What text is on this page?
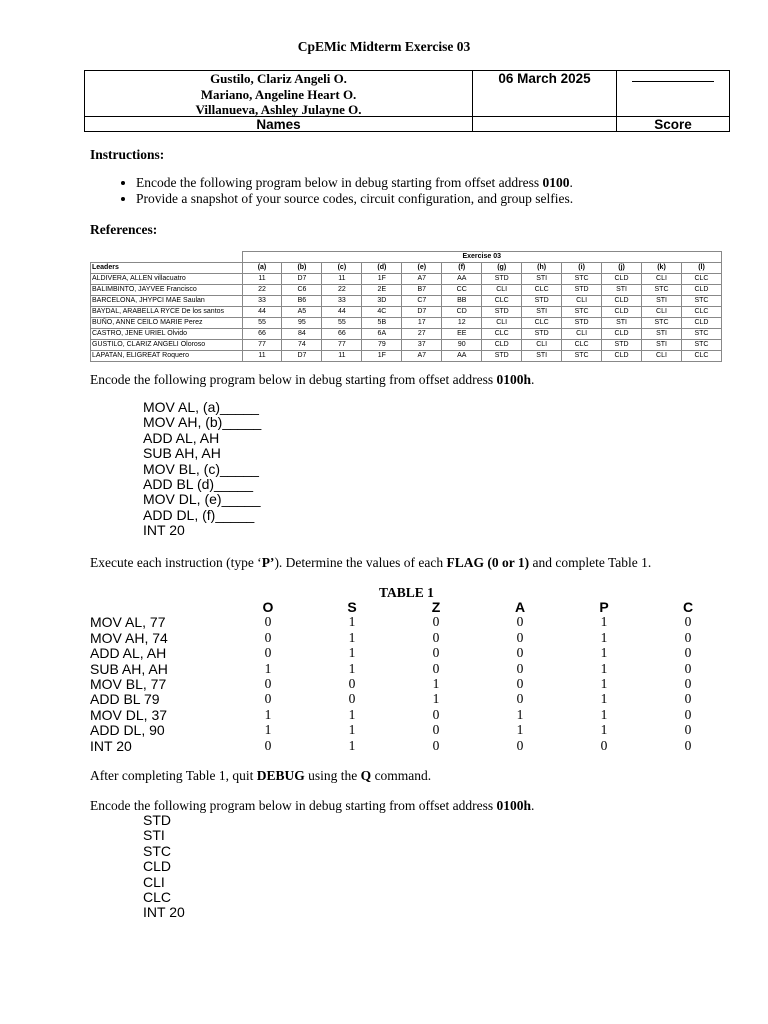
CpEMic Midterm Exercise 03
Gustilo, Clariz Angeli O.
Mariano, Angeline Heart O.
Villanueva, Ashley Julayne O.
06 March 2025
Names	Score
Instructions:
• Encode the following program below in debug starting from offset address 0100.
• Provide a snapshot of your source codes, circuit configuration, and group selfies.
References:
	Exercise 03											
Leaders	(a)	(b)	(c)	(d)	(e)	(f)	(g)	(h)	(i)	(j)	(k)	(l)
ALDIVERA, ALLEN villacuatro	11	D7	11	1F	A7	AA	STD	STI	STC	CLD	CLI	CLC
BALIMBINTO, JAYVEE Francisco	22	C6	22	2E	B7	CC	CLI	CLC	STD	STI	STC	CLD
BARCELONA, JHYPCI MAE Saulan	33	B6	33	3D	C7	BB	CLC	STD	CLI	CLD	STI	STC
BAYDAL, ARABELLA RYCE De los santos	44	A5	44	4C	D7	CD	STD	STI	STC	CLD	CLI	CLC
BUÑO, ANNE CEILO MARIE Perez	55	95	55	5B	17	12	CLI	CLC	STD	STI	STC	CLD
CASTRO, JENE URIEL Olvido	66	84	66	6A	27	EE	CLC	STD	CLI	CLD	STI	STC
GUSTILO, CLARIZ ANGELI Oloroso	77	74	77	79	37	90	CLD	CLI	CLC	STD	STI	STC
LAPATAN, ELIGREAT Roquero	11	D7	11	1F	A7	AA	STD	STI	STC	CLD	CLI	CLC
Encode the following program below in debug starting from offset address 0100h.
MOV AL, (a)_____
MOV AH, (b)_____
ADD AL, AH
SUB AH, AH
MOV BL, (c)_____
ADD BL (d)_____
MOV DL, (e)_____
ADD DL, (f)_____
INT 20
Execute each instruction (type ‘P’). Determine the values of each FLAG (0 or 1) and complete Table 1.
TABLE 1
O	S	Z	A	P	C
MOV AL, 77	0	1	0	0	1	0
MOV AH, 74	0	1	0	0	1	0
ADD AL, AH	0	1	0	0	1	0
SUB AH, AH	1	1	0	0	1	0
MOV BL, 77	0	0	1	0	1	0
ADD BL 79	0	0	1	0	1	0
MOV DL, 37	1	1	0	1	1	0
ADD DL, 90	1	1	0	1	1	0
INT 20	0	1	0	0	0	0
After completing Table 1, quit DEBUG using the Q command.
Encode the following program below in debug starting from offset address 0100h.
STD
STI
STC
CLD
CLI
CLC
INT 20
